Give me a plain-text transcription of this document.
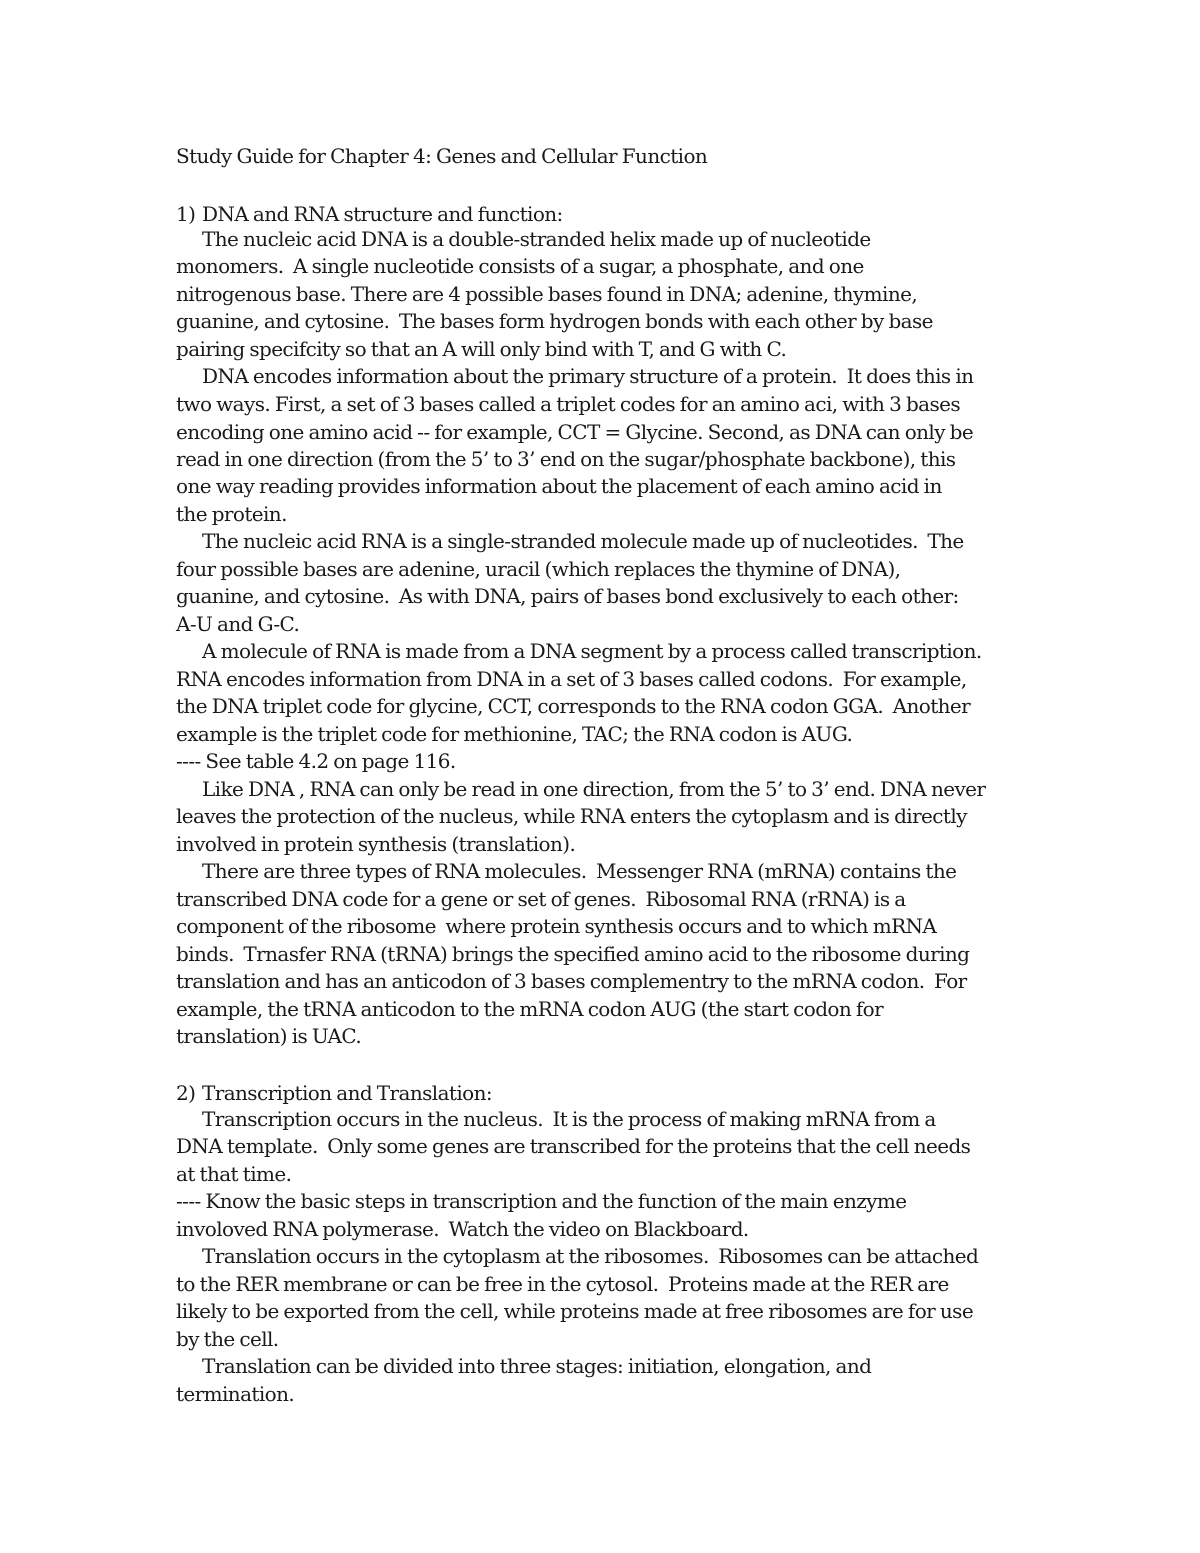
Study Guide for Chapter 4: Genes and Cellular Function
1) DNA and RNA structure and function:
The nucleic acid DNA is a double-stranded helix made up of nucleotide
monomers.  A single nucleotide consists of a sugar, a phosphate, and one
nitrogenous base. There are 4 possible bases found in DNA; adenine, thymine,
guanine, and cytosine.  The bases form hydrogen bonds with each other by base
pairing specifcity so that an A will only bind with T, and G with C.
DNA encodes information about the primary structure of a protein.  It does this in
two ways. First, a set of 3 bases called a triplet codes for an amino aci, with 3 bases
encoding one amino acid -- for example, CCT = Glycine. Second, as DNA can only be
read in one direction (from the 5’ to 3’ end on the sugar/phosphate backbone), this
one way reading provides information about the placement of each amino acid in
the protein.
The nucleic acid RNA is a single-stranded molecule made up of nucleotides.  The
four possible bases are adenine, uracil (which replaces the thymine of DNA),
guanine, and cytosine.  As with DNA, pairs of bases bond exclusively to each other:
A-U and G-C.
A molecule of RNA is made from a DNA segment by a process called transcription.
RNA encodes information from DNA in a set of 3 bases called codons.  For example,
the DNA triplet code for glycine, CCT, corresponds to the RNA codon GGA.  Another
example is the triplet code for methionine, TAC; the RNA codon is AUG.
---- See table 4.2 on page 116.
Like DNA , RNA can only be read in one direction, from the 5’ to 3’ end. DNA never
leaves the protection of the nucleus, while RNA enters the cytoplasm and is directly
involved in protein synthesis (translation).
There are three types of RNA molecules.  Messenger RNA (mRNA) contains the
transcribed DNA code for a gene or set of genes.  Ribosomal RNA (rRNA) is a
component of the ribosome  where protein synthesis occurs and to which mRNA
binds.  Trnasfer RNA (tRNA) brings the specified amino acid to the ribosome during
translation and has an anticodon of 3 bases complementry to the mRNA codon.  For
example, the tRNA anticodon to the mRNA codon AUG (the start codon for
translation) is UAC.
2) Transcription and Translation:
Transcription occurs in the nucleus.  It is the process of making mRNA from a
DNA template.  Only some genes are transcribed for the proteins that the cell needs
at that time.
---- Know the basic steps in transcription and the function of the main enzyme
involoved RNA polymerase.  Watch the video on Blackboard.
Translation occurs in the cytoplasm at the ribosomes.  Ribosomes can be attached
to the RER membrane or can be free in the cytosol.  Proteins made at the RER are
likely to be exported from the cell, while proteins made at free ribosomes are for use
by the cell.
Translation can be divided into three stages: initiation, elongation, and
termination.
